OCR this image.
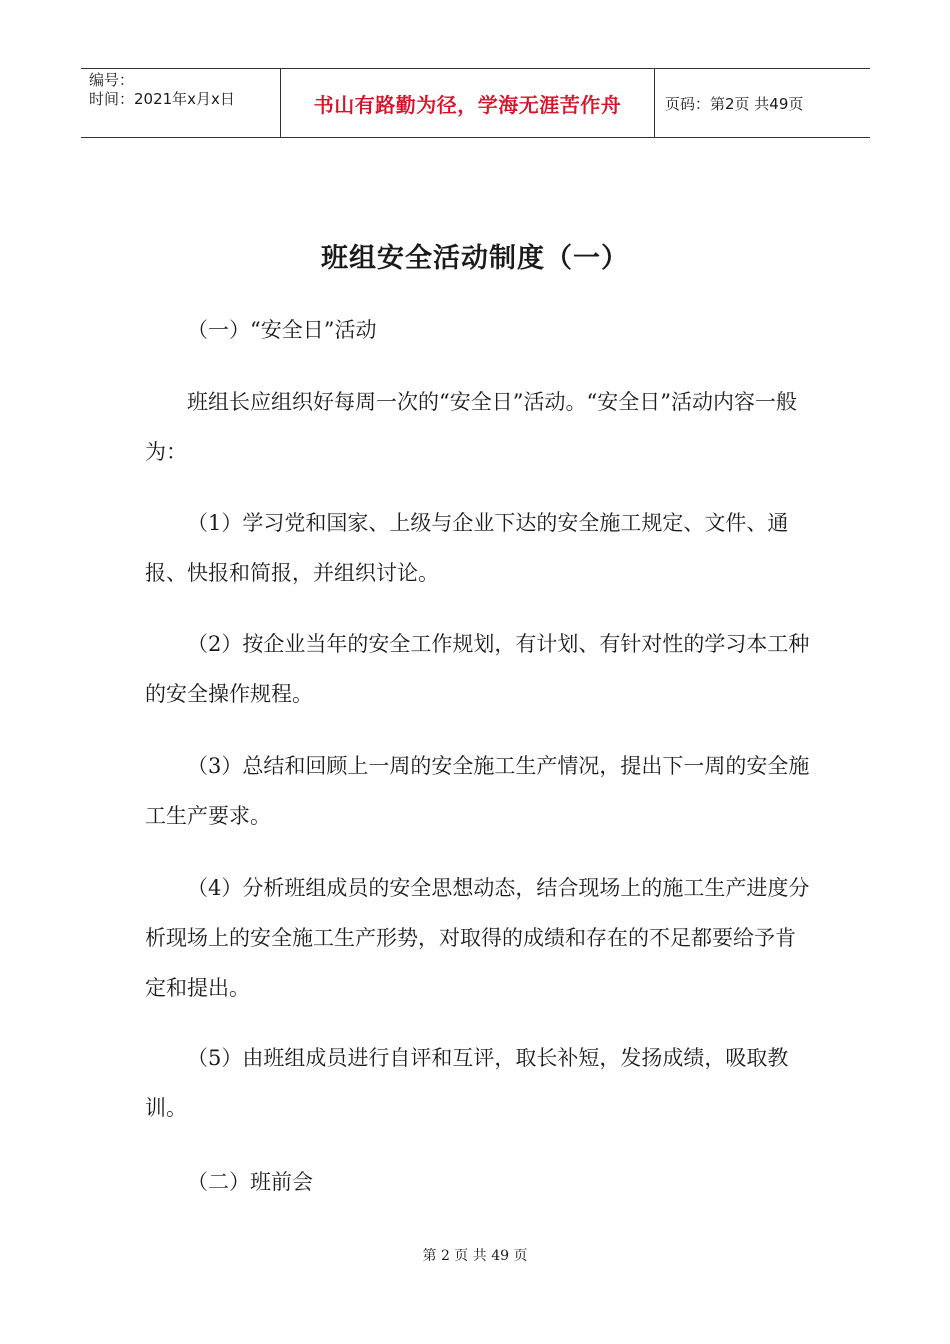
编号：
时间：2021年x月x日	书山有路勤为径，学海无涯苦作舟	页码：第2页 共49页
班组安全活动制度（一）

（一）“安全日”活动

班组长应组织好每周一次的“安全日”活动。“安全日”活动内容一般为：

（1）学习党和国家、上级与企业下达的安全施工规定、文件、通报、快报和简报，并组织讨论。

（2）按企业当年的安全工作规划，有计划、有针对性的学习本工种的安全操作规程。

（3）总结和回顾上一周的安全施工生产情况，提出下一周的安全施工生产要求。

（4）分析班组成员的安全思想动态，结合现场上的施工生产进度分析现场上的安全施工生产形势，对取得的成绩和存在的不足都要给予肯定和提出。

（5）由班组成员进行自评和互评，取长补短，发扬成绩，吸取教训。

（二）班前会

第 2 页 共 49 页
